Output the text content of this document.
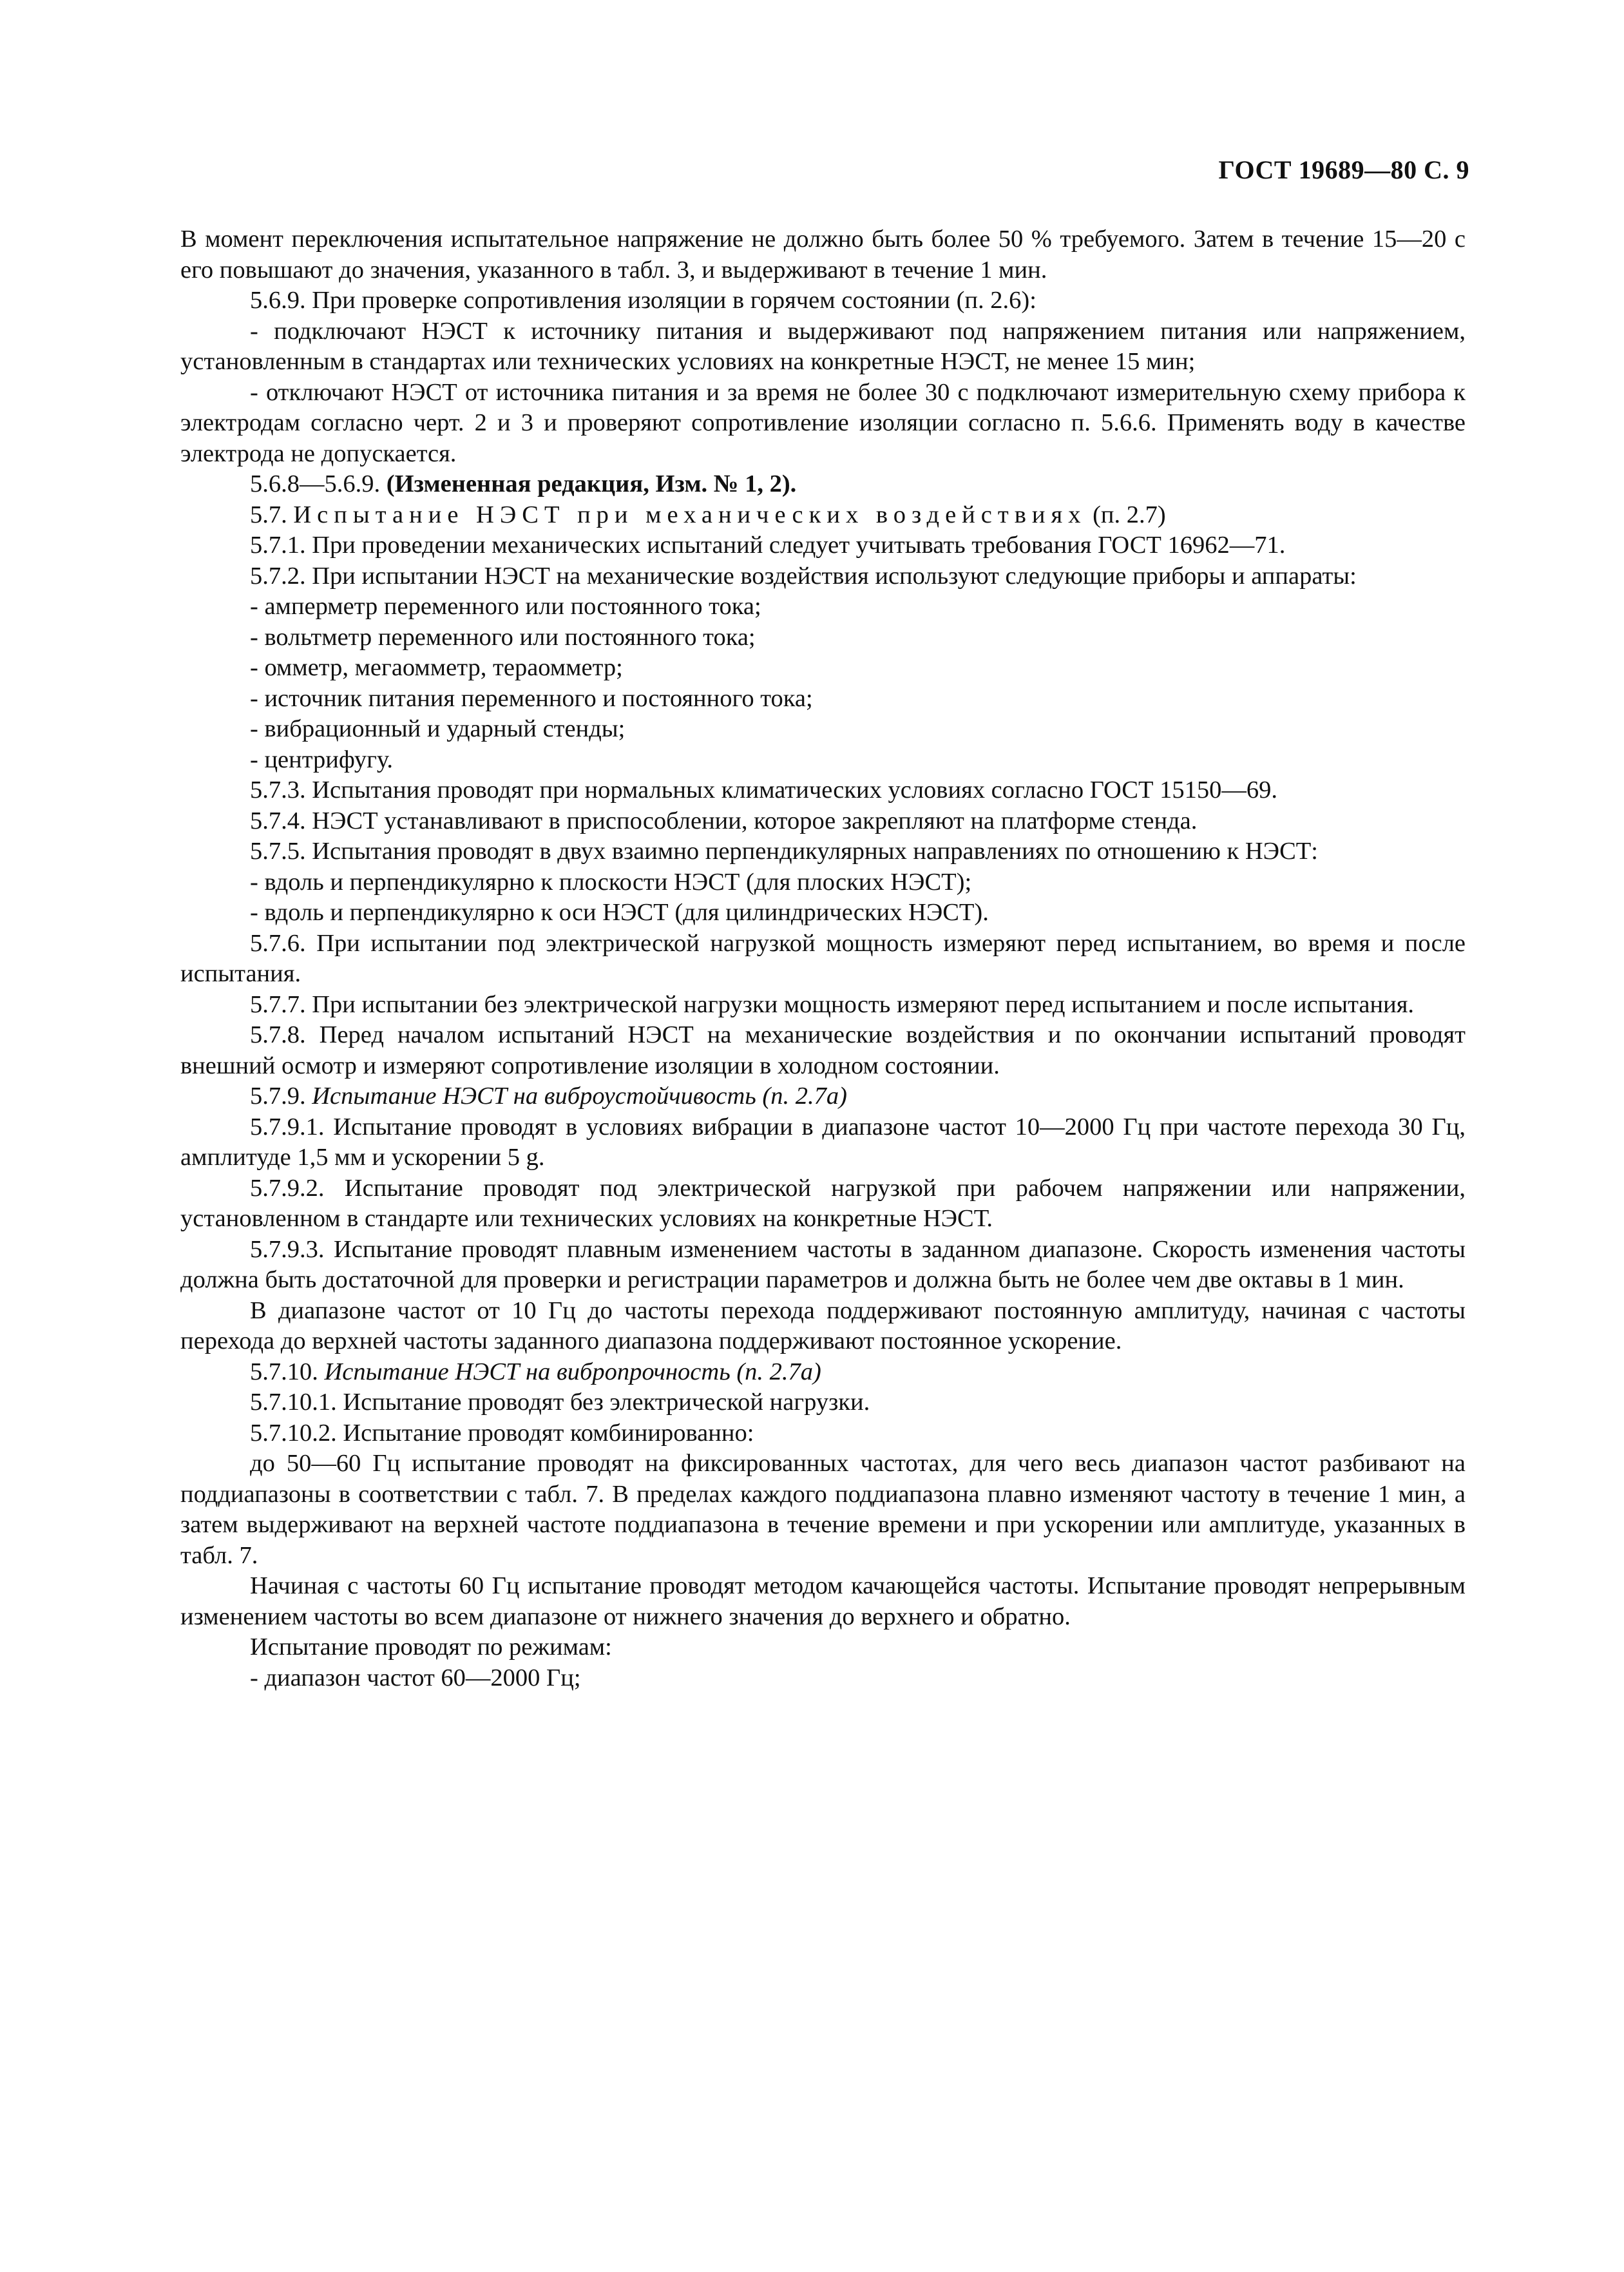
ГОСТ 19689—80 С. 9

В момент переключения испытательное напряжение не должно быть более 50 % требуемого. Затем в течение 15—20 с его повышают до значения, указанного в табл. 3, и выдерживают в течение 1 мин.

5.6.9. При проверке сопротивления изоляции в горячем состоянии (п. 2.6):

- подключают НЭСТ к источнику питания и выдерживают под напряжением питания или напряжением, установленным в стандартах или технических условиях на конкретные НЭСТ, не менее 15 мин;

- отключают НЭСТ от источника питания и за время не более 30 с подключают измерительную схему прибора к электродам согласно черт. 2 и 3 и проверяют сопротивление изоляции согласно п. 5.6.6. Применять воду в качестве электрода не допускается.

5.6.8—5.6.9. (Измененная редакция, Изм. № 1, 2).

5.7. Испытание НЭСТ при механических воздействиях (п. 2.7)

5.7.1. При проведении механических испытаний следует учитывать требования ГОСТ 16962—71.

5.7.2. При испытании НЭСТ на механические воздействия используют следующие приборы и аппараты:

- амперметр переменного или постоянного тока;

- вольтметр переменного или постоянного тока;

- омметр, мегаомметр, тераомметр;

- источник питания переменного и постоянного тока;

- вибрационный и ударный стенды;

- центрифугу.

5.7.3. Испытания проводят при нормальных климатических условиях согласно ГОСТ 15150—69.

5.7.4. НЭСТ устанавливают в приспособлении, которое закрепляют на платформе стенда.

5.7.5. Испытания проводят в двух взаимно перпендикулярных направлениях по отношению к НЭСТ:

- вдоль и перпендикулярно к плоскости НЭСТ (для плоских НЭСТ);

- вдоль и перпендикулярно к оси НЭСТ (для цилиндрических НЭСТ).

5.7.6. При испытании под электрической нагрузкой мощность измеряют перед испытанием, во время и после испытания.

5.7.7. При испытании без электрической нагрузки мощность измеряют перед испытанием и после испытания.

5.7.8. Перед началом испытаний НЭСТ на механические воздействия и по окончании испытаний проводят внешний осмотр и измеряют сопротивление изоляции в холодном состоянии.

5.7.9. Испытание НЭСТ на виброустойчивость (п. 2.7а)

5.7.9.1. Испытание проводят в условиях вибрации в диапазоне частот 10—2000 Гц при частоте перехода 30 Гц, амплитуде 1,5 мм и ускорении 5 g.

5.7.9.2. Испытание проводят под электрической нагрузкой при рабочем напряжении или напряжении, установленном в стандарте или технических условиях на конкретные НЭСТ.

5.7.9.3. Испытание проводят плавным изменением частоты в заданном диапазоне. Скорость изменения частоты должна быть достаточной для проверки и регистрации параметров и должна быть не более чем две октавы в 1 мин.

В диапазоне частот от 10 Гц до частоты перехода поддерживают постоянную амплитуду, начиная с частоты перехода до верхней частоты заданного диапазона поддерживают постоянное ускорение.

5.7.10. Испытание НЭСТ на вибропрочность (п. 2.7а)

5.7.10.1. Испытание проводят без электрической нагрузки.

5.7.10.2. Испытание проводят комбинированно:

до 50—60 Гц испытание проводят на фиксированных частотах, для чего весь диапазон частот разбивают на поддиапазоны в соответствии с табл. 7. В пределах каждого поддиапазона плавно изменяют частоту в течение 1 мин, а затем выдерживают на верхней частоте поддиапазона в течение времени и при ускорении или амплитуде, указанных в табл. 7.

Начиная с частоты 60 Гц испытание проводят методом качающейся частоты. Испытание проводят непрерывным изменением частоты во всем диапазоне от нижнего значения до верхнего и обратно.

Испытание проводят по режимам:

- диапазон частот 60—2000 Гц;
